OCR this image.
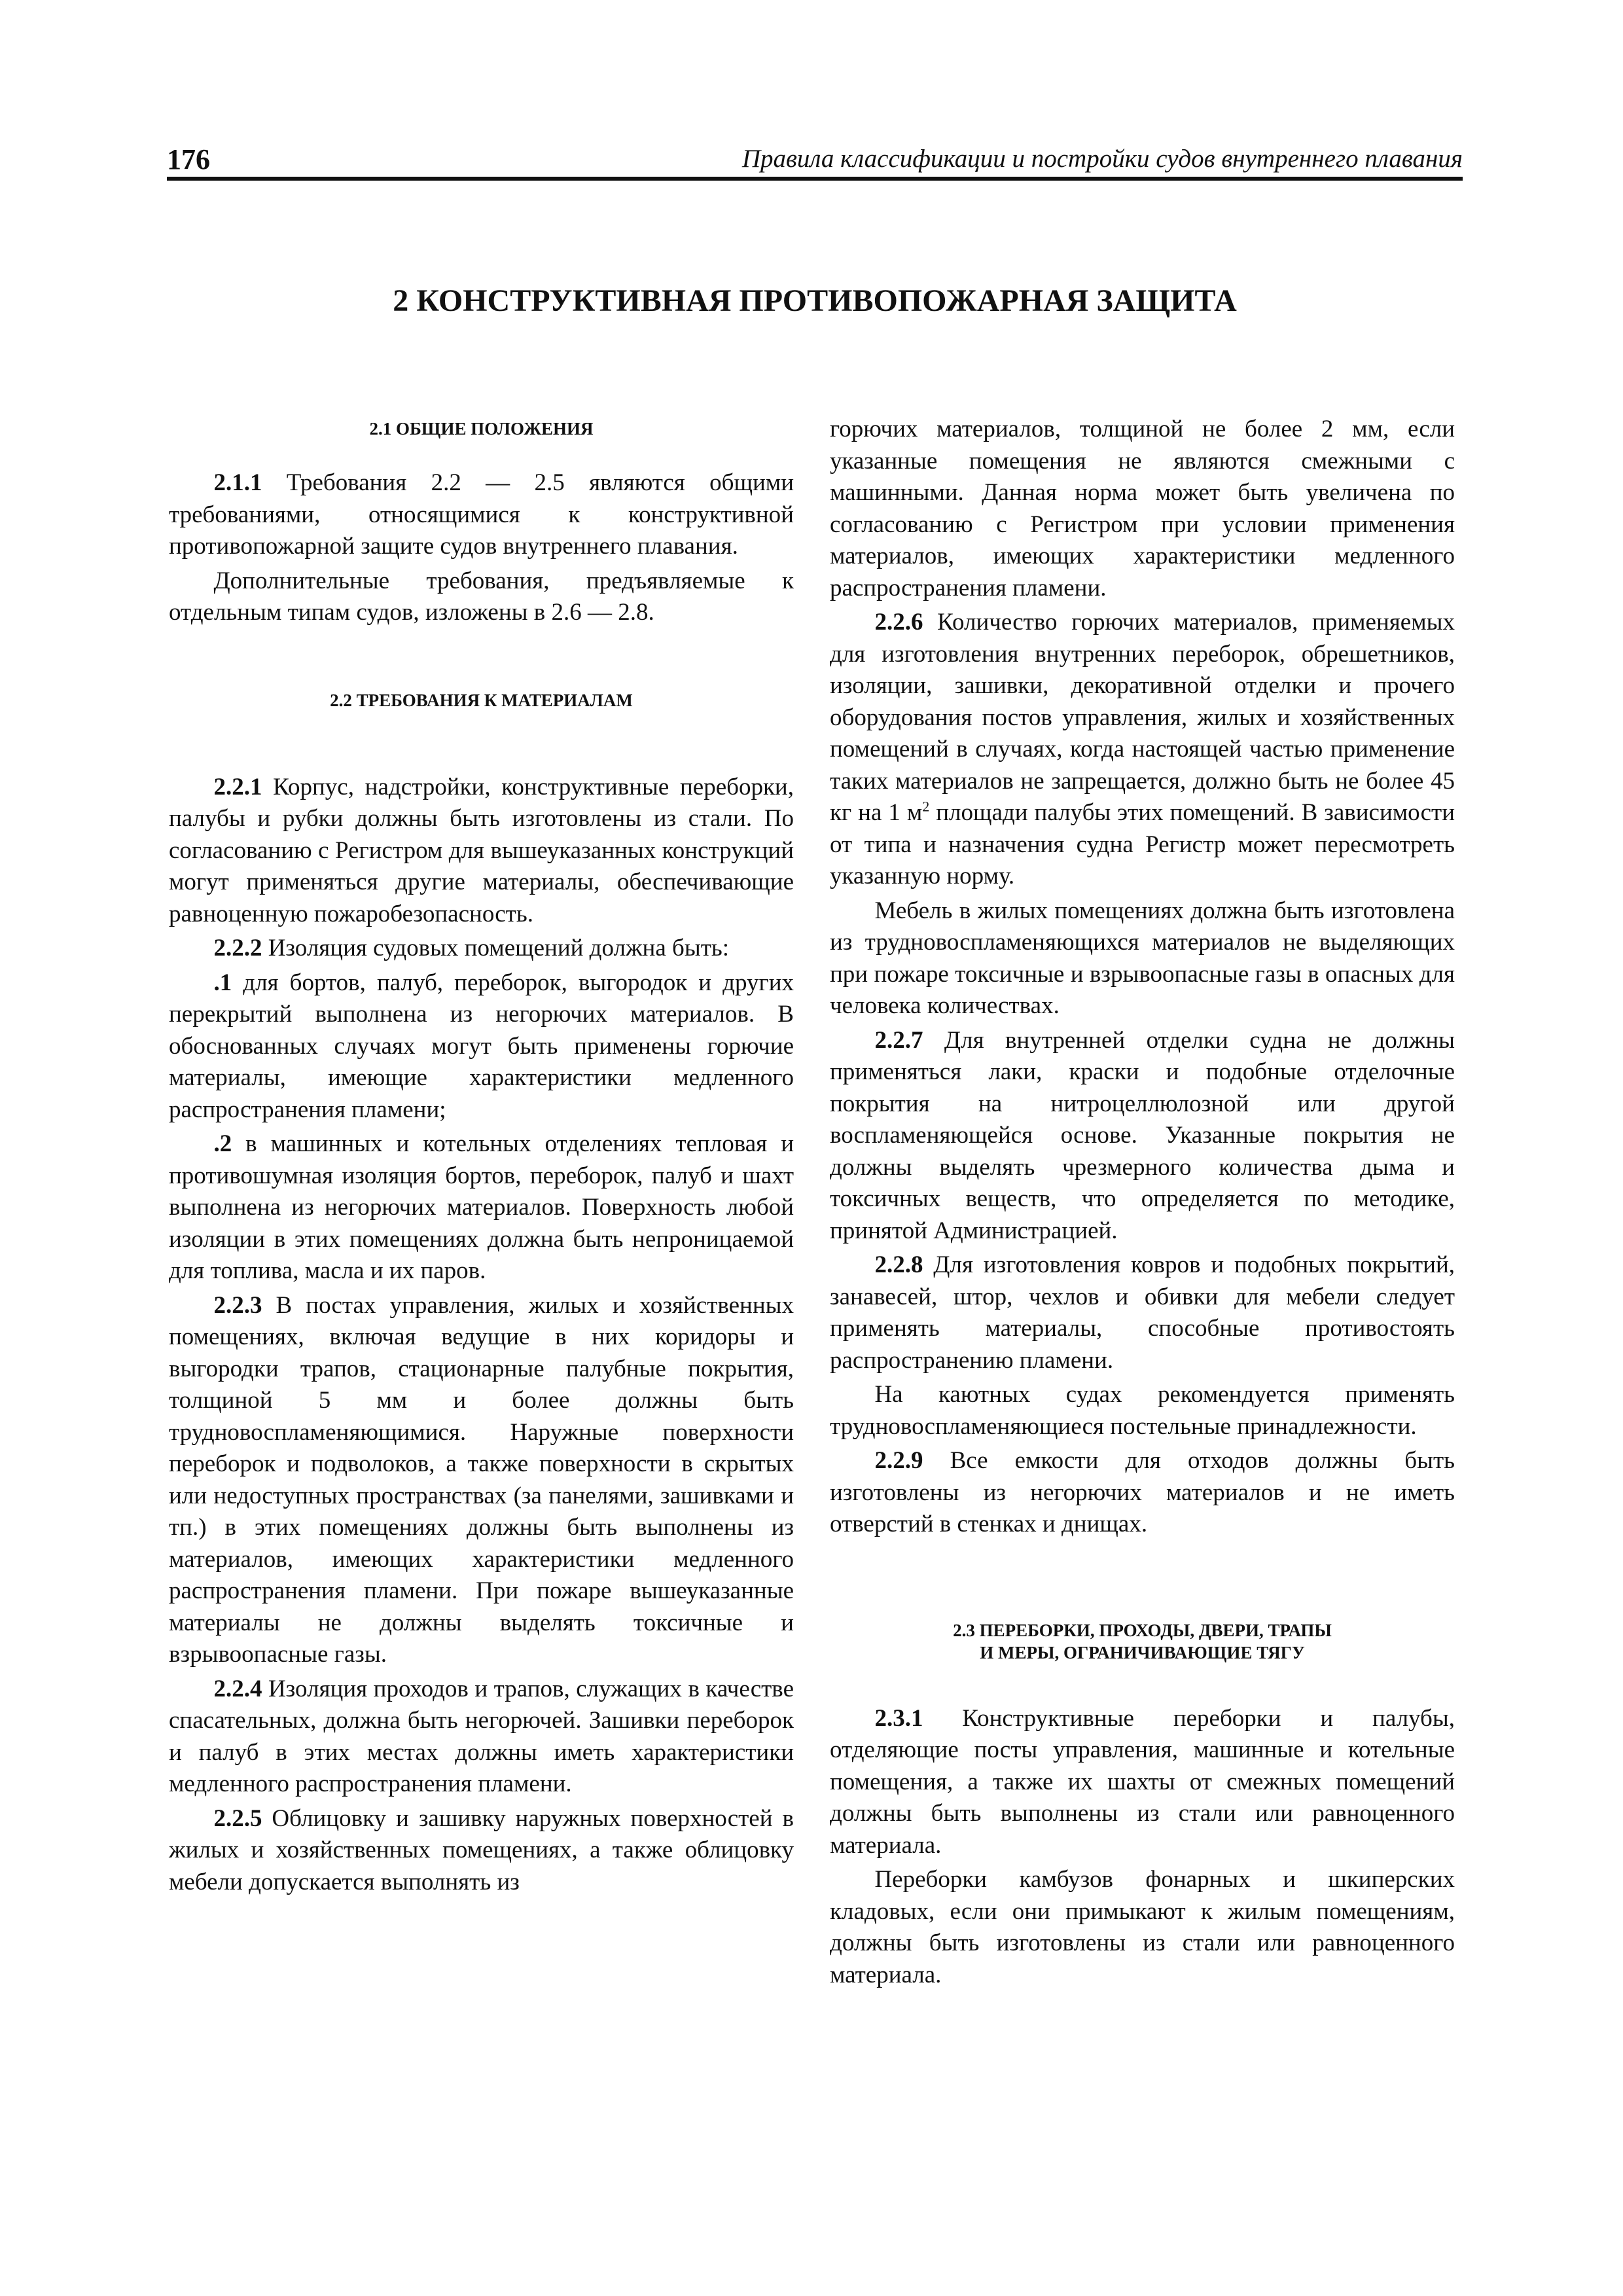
176	Правила классификации и постройки судов внутреннего плавания
2 КОНСТРУКТИВНАЯ ПРОТИВОПОЖАРНАЯ ЗАЩИТА
2.1 ОБЩИЕ ПОЛОЖЕНИЯ

2.1.1 Требования 2.2 — 2.5 являются общими требованиями, относящимися к конструктивной противопожарной защите судов внутреннего плавания.

Дополнительные требования, предъявляемые к отдельным типам судов, изложены в 2.6 — 2.8.

2.2 ТРЕБОВАНИЯ К МАТЕРИАЛАМ

2.2.1 Корпус, надстройки, конструктивные переборки, палубы и рубки должны быть изготовлены из стали. По согласованию с Регистром для вышеуказанных конструкций могут применяться другие материалы, обеспечивающие равноценную пожаробезопасность.

2.2.2 Изоляция судовых помещений должна быть:

.1 для бортов, палуб, переборок, выгородок и других перекрытий выполнена из негорючих материалов. В обоснованных случаях могут быть применены горючие материалы, имеющие характеристики медленного распространения пламени;

.2 в машинных и котельных отделениях тепловая и противошумная изоляция бортов, переборок, палуб и шахт выполнена из негорючих материалов. Поверхность любой изоляции в этих помещениях должна быть непроницаемой для топлива, масла и их паров.

2.2.3 В постах управления, жилых и хозяйственных помещениях, включая ведущие в них коридоры и выгородки трапов, стационарные палубные покрытия, толщиной 5 мм и более должны быть трудновоспламеняющимися. Наружные поверхности переборок и подволоков, а также поверхности в скрытых или недоступных пространствах (за панелями, зашивками и тп.) в этих помещениях должны быть выполнены из материалов, имеющих характеристики медленного распространения пламени. При пожаре вышеуказанные материалы не должны выделять токсичные и взрывоопасные газы.

2.2.4 Изоляция проходов и трапов, служащих в качестве спасательных, должна быть негорючей. Зашивки переборок и палуб в этих местах должны иметь характеристики медленного распространения пламени.

2.2.5 Облицовку и зашивку наружных поверхностей в жилых и хозяйственных помещениях, а также облицовку мебели допускается выполнять из

горючих материалов, толщиной не более 2 мм, если указанные помещения не являются смежными с машинными. Данная норма может быть увеличена по согласованию с Регистром при условии применения материалов, имеющих характеристики медленного распространения пламени.

2.2.6 Количество горючих материалов, применяемых для изготовления внутренних переборок, обрешетников, изоляции, зашивки, декоративной отделки и прочего оборудования постов управления, жилых и хозяйственных помещений в случаях, когда настоящей частью применение таких материалов не запрещается, должно быть не более 45 кг на 1 $м^2$ площади палубы этих помещений. В зависимости от типа и назначения судна Регистр может пересмотреть указанную норму.

Мебель в жилых помещениях должна быть изготовлена из трудновоспламеняющихся материалов не выделяющих при пожаре токсичные и взрывоопасные газы в опасных для человека количествах.

2.2.7 Для внутренней отделки судна не должны применяться лаки, краски и подобные отделочные покрытия на нитроцеллюлозной или другой воспламеняющейся основе. Указанные покрытия не должны выделять чрезмерного количества дыма и токсичных веществ, что определяется по методике, принятой Администрацией.

2.2.8 Для изготовления ковров и подобных покрытий, занавесей, штор, чехлов и обивки для мебели следует применять материалы, способные противостоять распространению пламени.

На каютных судах рекомендуется применять трудновоспламеняющиеся постельные принадлежности.

2.2.9 Все емкости для отходов должны быть изготовлены из негорючих материалов и не иметь отверстий в стенках и днищах.

2.3 ПЕРЕБОРКИ, ПРОХОДЫ, ДВЕРИ, ТРАПЫ
И МЕРЫ, ОГРАНИЧИВАЮЩИЕ ТЯГУ

2.3.1 Конструктивные переборки и палубы, отделяющие посты управления, машинные и котельные помещения, а также их шахты от смежных помещений должны быть выполнены из стали или равноценного материала.

Переборки камбузов фонарных и шкиперских кладовых, если они примыкают к жилым помещениям, должны быть изготовлены из стали или равноценного материала.
